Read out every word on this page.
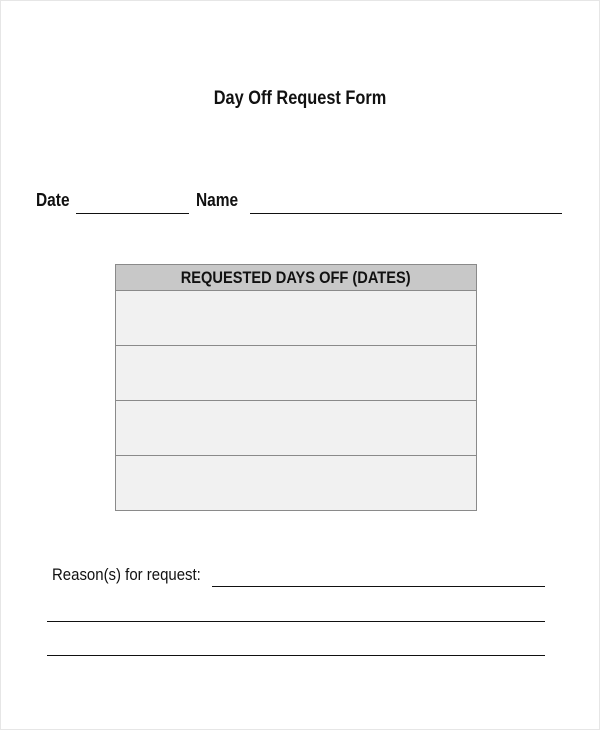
Day Off Request Form
Date	Name
REQUESTED DAYS OFF (DATES)
Reason(s) for request:
